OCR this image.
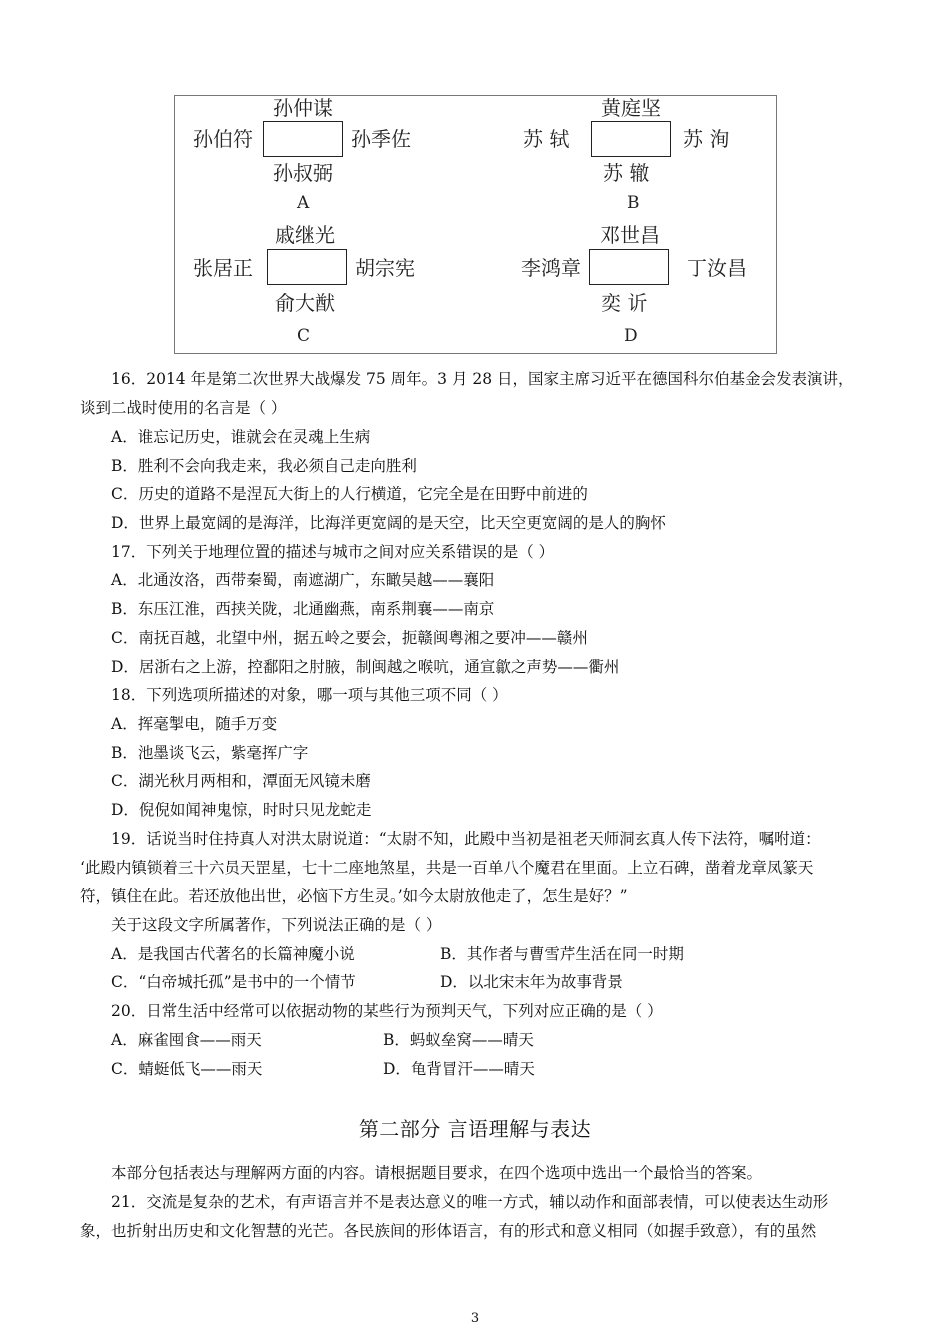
孙仲谋
孙伯符	孙季佐
孙叔弼
A
黄庭坚
苏 轼	苏 洵
苏 辙
B
戚继光
张居正	胡宗宪
俞大猷
C
邓世昌
李鸿章	丁汝昌
奕 䜣
D
16．2014 年是第二次世界大战爆发 75 周年。3 月 28 日，国家主席习近平在德国科尔伯基金会发表演讲，
谈到二战时使用的名言是（ ）
A．谁忘记历史，谁就会在灵魂上生病
B．胜利不会向我走来，我必须自己走向胜利
C．历史的道路不是涅瓦大街上的人行横道，它完全是在田野中前进的
D．世界上最宽阔的是海洋，比海洋更宽阔的是天空，比天空更宽阔的是人的胸怀
17．下列关于地理位置的描述与城市之间对应关系错误的是（ ）
A．北通汝洛，西带秦蜀，南遮湖广，东瞰吴越——襄阳
B．东压江淮，西挟关陇，北通幽燕，南系荆襄——南京
C．南抚百越，北望中州，据五岭之要会，扼赣闽粤湘之要冲——赣州
D．居浙右之上游，控鄱阳之肘腋，制闽越之喉吭，通宣歙之声势——衢州
18．下列选项所描述的对象，哪一项与其他三项不同（ ）
A．挥毫掣电，随手万变
B．池墨谈飞云，紫毫挥广字
C．湖光秋月两相和，潭面无风镜未磨
D．倪倪如闻神鬼惊，时时只见龙蛇走
19．话说当时住持真人对洪太尉说道：“太尉不知，此殿中当初是祖老天师洞玄真人传下法符，嘱咐道：
‘此殿内镇锁着三十六员天罡星，七十二座地煞星，共是一百单八个魔君在里面。上立石碑，凿着龙章凤篆天
符，镇住在此。若还放他出世，必恼下方生灵。’如今太尉放他走了，怎生是好？”
关于这段文字所属著作，下列说法正确的是（ ）
A．是我国古代著名的长篇神魔小说	B．其作者与曹雪芹生活在同一时期
C．“白帝城托孤”是书中的一个情节	D．以北宋末年为故事背景
20．日常生活中经常可以依据动物的某些行为预判天气，下列对应正确的是（ ）
A．麻雀囤食——雨天	B．蚂蚁垒窝——晴天
C．蜻蜓低飞——雨天	D．龟背冒汗——晴天
第二部分 言语理解与表达
本部分包括表达与理解两方面的内容。请根据题目要求，在四个选项中选出一个最恰当的答案。
21．交流是复杂的艺术，有声语言并不是表达意义的唯一方式，辅以动作和面部表情，可以使表达生动形
象，也折射出历史和文化智慧的光芒。各民族间的形体语言，有的形式和意义相同（如握手致意），有的虽然
3
